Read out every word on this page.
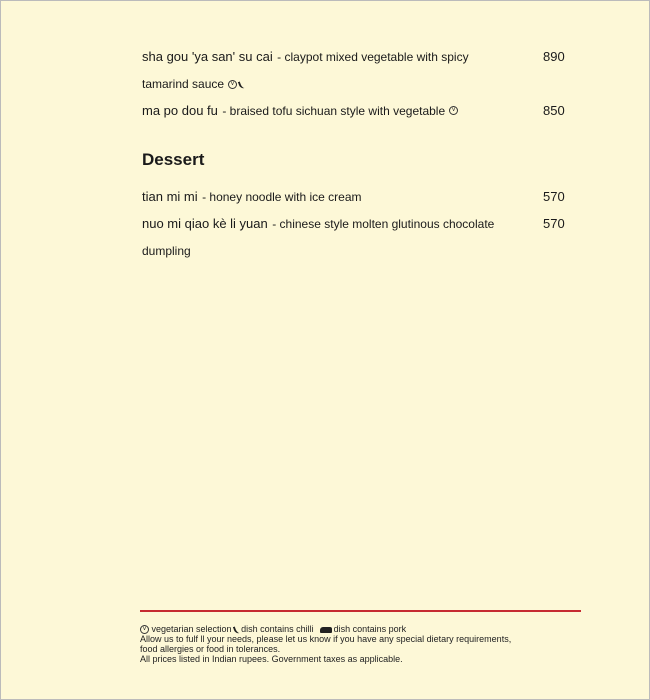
sha gou 'ya san' su cai - claypot mixed vegetable with spicy	890
tamarind sauce v
ma po dou fu - braised tofu sichuan style with vegetable v	850
Dessert
tian mi mi - honey noodle with ice cream	570
nuo mi qiao kè li yuan - chinese style molten glutinous chocolate	570
dumpling
v vegetarian selection dish contains chilli dish contains pork
Allow us to fulf ll your needs, please let us know if you have any special dietary requirements,
food allergies or food in tolerances.
All prices listed in Indian rupees. Government taxes as applicable.
